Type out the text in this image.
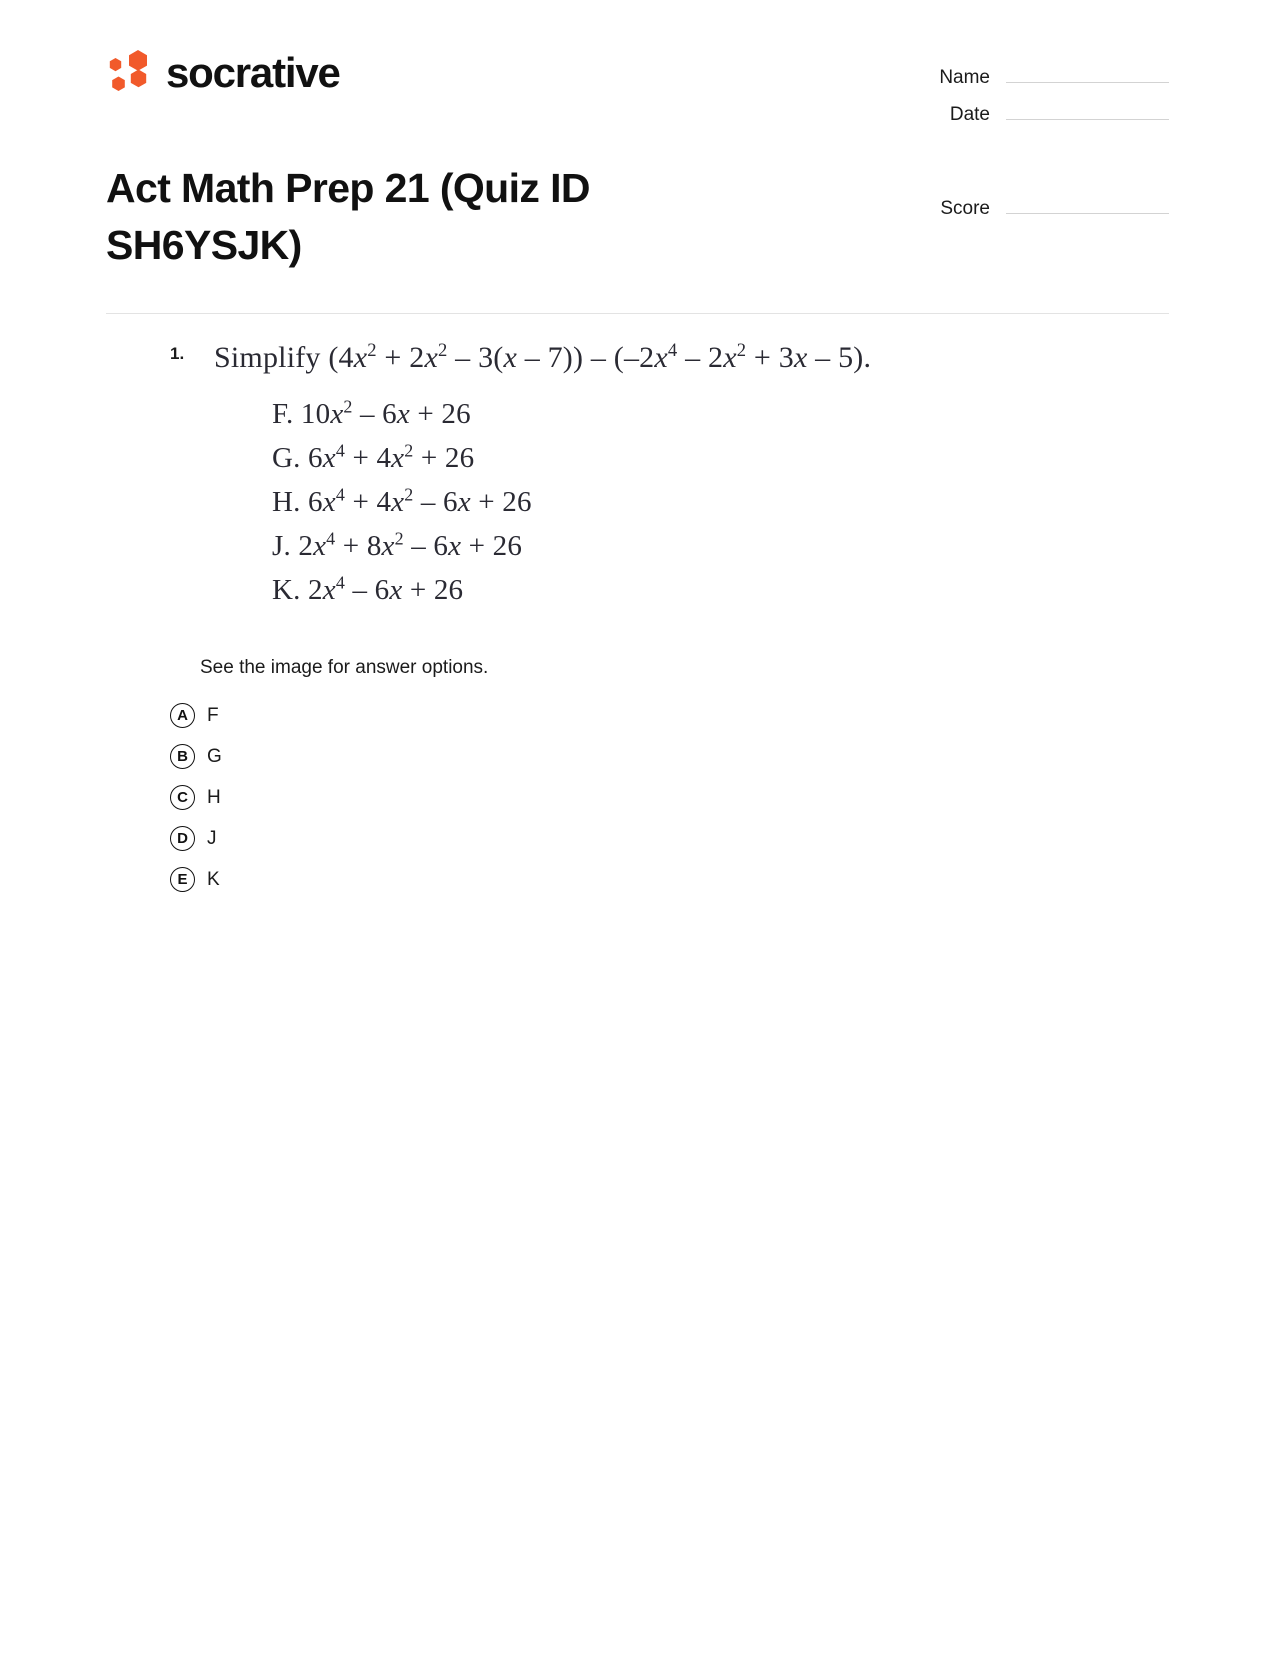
socrative	Name
Date
Score
Act Math Prep 21 (Quiz ID SH6YSJK)
1. Simplify $(4x^2 + 2x^2 - 3(x - 7)) - (-2x^4 - 2x^2 + 3x - 5)$.
F. $10x^2 - 6x + 26$
G. $6x^4 + 4x^2 + 26$
H. $6x^4 + 4x^2 - 6x + 26$
J. $2x^4 + 8x^2 - 6x + 26$
K. $2x^4 - 6x + 26$
See the image for answer options.
A	F
B	G
C	H
D	J
E	K
